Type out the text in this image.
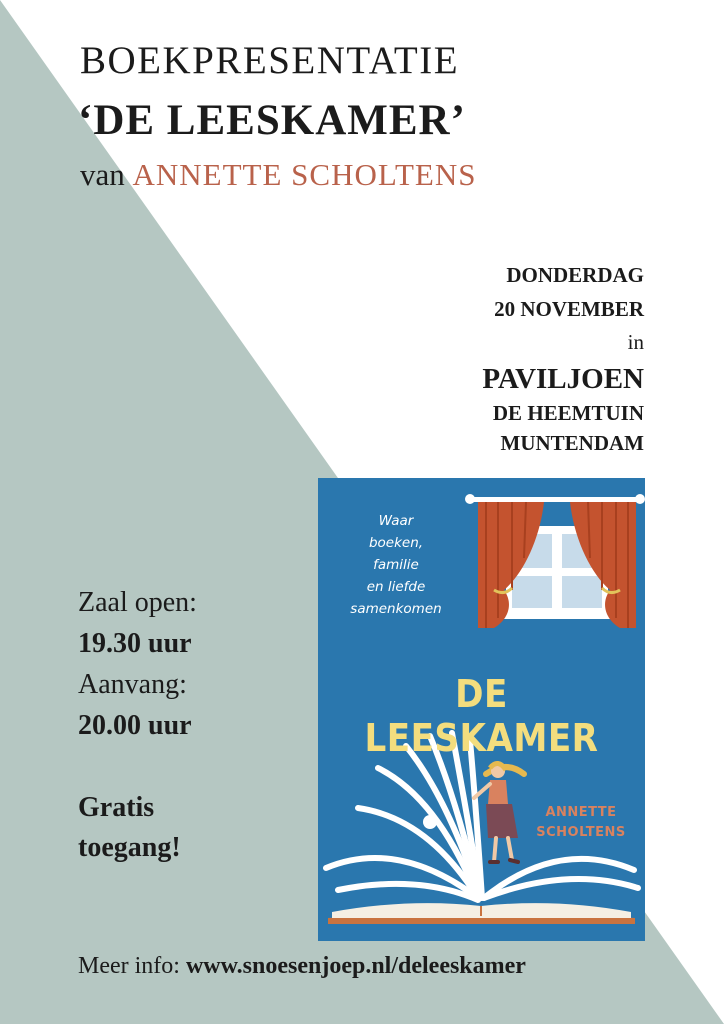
BOEKPRESENTATIE
‘DE LEESKAMER’
van ANNETTE SCHOLTENS
DONDERDAG
20 NOVEMBER
in
PAVILJOEN
DE HEEMTUIN
MUNTENDAM
Zaal open:
19.30 uur
Aanvang:
20.00 uur
Gratis
toegang!
Waar
boeken,
familie
en liefde
samenkomen
DE LEESKAMER
ANNETTE
SCHOLTENS
Meer info: www.snoesenjoep.nl/deleeskamer
